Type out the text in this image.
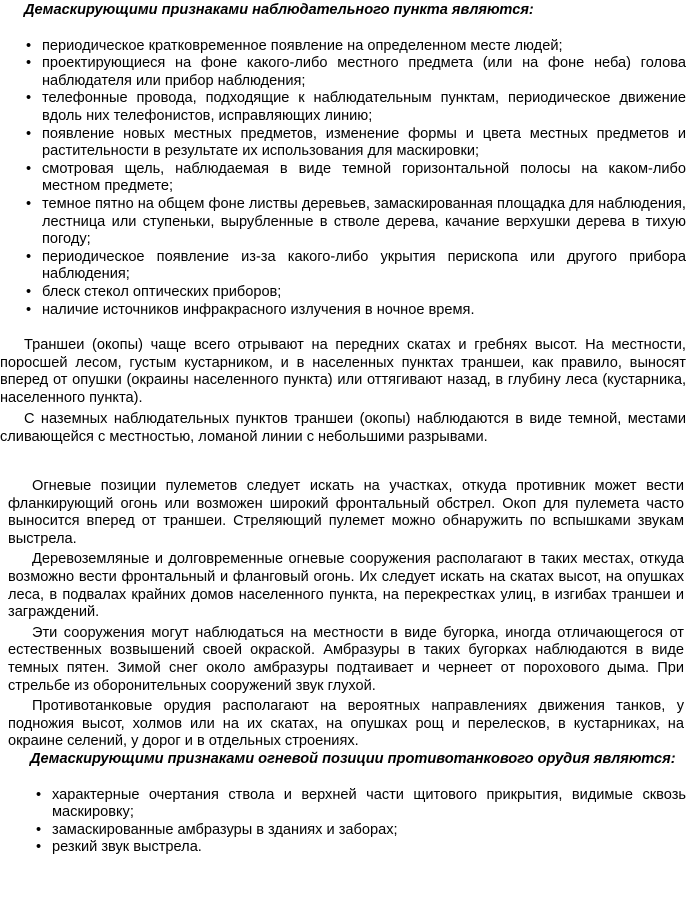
Демаскирующими признаками наблюдательного пункта являются:

• периодическое кратковременное появление на определенном месте людей;
• проектирующиеся на фоне какого-либо местного предмета (или на фоне неба) голова наблюдателя или прибор наблюдения;
• телефонные провода, подходящие к наблюдательным пунктам, периодическое движение вдоль них телефонистов, исправляющих линию;
• появление новых местных предметов, изменение формы и цвета местных предметов и растительности в результате их использования для маскировки;
• смотровая щель, наблюдаемая в виде темной горизонтальной полосы на каком-либо местном предмете;
• темное пятно на общем фоне листвы деревьев, замаскированная площадка для наблюдения, лестница или ступеньки, вырубленные в стволе дерева, качание верхушки дерева в тихую погоду;
• периодическое появление из-за какого-либо укрытия перископа или другого прибора наблюдения;
• блеск стекол оптических приборов;
• наличие источников инфракрасного излучения в ночное время.

Траншеи (окопы) чаще всего отрывают на передних скатах и гребнях высот. На местности, поросшей лесом, густым кустарником, и в населенных пунктах траншеи, как правило, выносят вперед от опушки (окраины населенного пункта) или оттягивают назад, в глубину леса (кустарника, населенного пункта).

С наземных наблюдательных пунктов траншеи (окопы) наблюдаются в виде темной, местами сливающейся с местностью, ломаной линии с небольшими разрывами.

Огневые позиции пулеметов следует искать на участках, откуда противник может вести фланкирующий огонь или возможен широкий фронтальный обстрел. Окоп для пулемета часто выносится вперед от траншеи. Стреляющий пулемет можно обнаружить по вспышками звукам выстрела.

Деревоземляные и долговременные огневые сооружения располагают в таких местах, откуда возможно вести фронтальный и фланговый огонь. Их следует искать на скатах высот, на опушках леса, в подвалах крайних домов населенного пункта, на перекрестках улиц, в изгибах траншеи и заграждений.

Эти сооружения могут наблюдаться на местности в виде бугорка, иногда отличающегося от естественных возвышений своей окраской. Амбразуры в таких бугорках наблюдаются в виде темных пятен. Зимой снег около амбразуры подтаивает и чернеет от порохового дыма. При стрельбе из оборонительных сооружений звук глухой.

Противотанковые орудия располагают на вероятных направлениях движения танков, у подножия высот, холмов или на их скатах, на опушках рощ и перелесков, в кустарниках, на окраине селений, у дорог и в отдельных строениях.

Демаскирующими признаками огневой позиции противотанкового орудия являются:

• характерные очертания ствола и верхней части щитового прикрытия, видимые сквозь маскировку;
• замаскированные амбразуры в зданиях и заборах;
• резкий звук выстрела.
